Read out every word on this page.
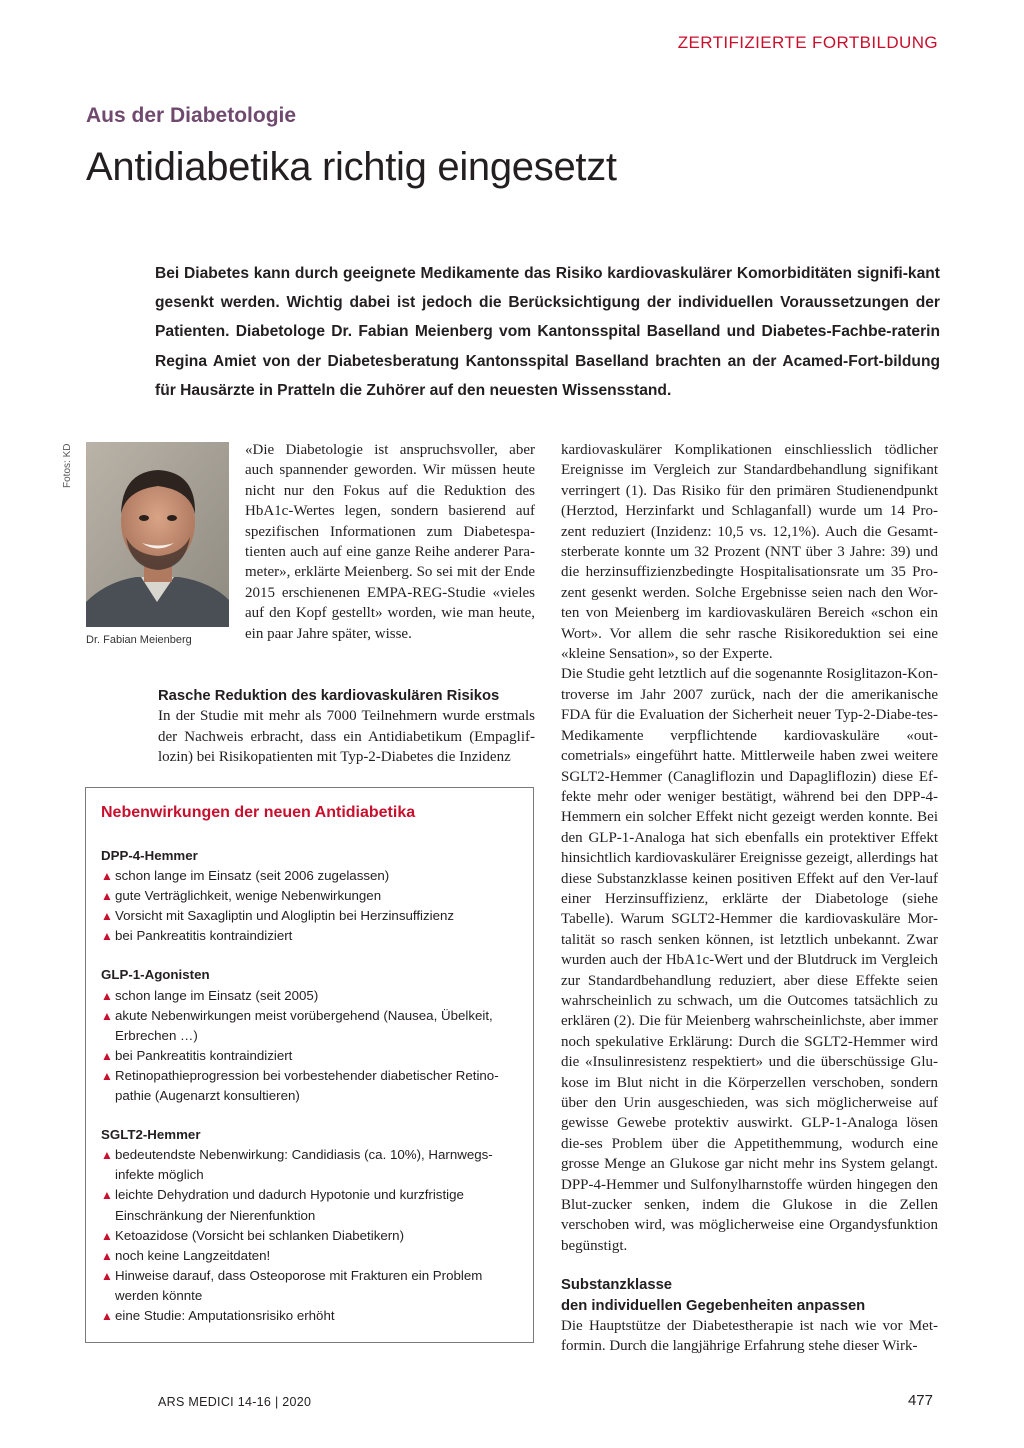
ZERTIFIZIERTE FORTBILDUNG
Aus der Diabetologie
Antidiabetika richtig eingesetzt
Bei Diabetes kann durch geeignete Medikamente das Risiko kardiovaskulärer Komorbiditäten signifi-kant gesenkt werden. Wichtig dabei ist jedoch die Berücksichtigung der individuellen Voraussetzungen der Patienten. Diabetologe Dr. Fabian Meienberg vom Kantonsspital Baselland und Diabetes-Fachbe-raterin Regina Amiet von der Diabetesberatung Kantonsspital Baselland brachten an der Acamed-Fort-bildung für Hausärzte in Pratteln die Zuhörer auf den neuesten Wissensstand.
Fotos: KD
Dr. Fabian Meienberg

«Die Diabetologie ist anspruchsvoller, aber auch spannender geworden. Wir müssen heute nicht nur den Fokus auf die Reduktion des HbA1c-Wertes legen, sondern basierend auf spezifischen Informationen zum Diabetespa-tienten auch auf eine ganze Reihe anderer Para-meter», erklärte Meienberg. So sei mit der Ende 2015 erschienenen EMPA-REG-Studie «vieles auf den Kopf gestellt» worden, wie man heute, ein paar Jahre später, wisse.

Rasche Reduktion des kardiovaskulären Risikos

In der Studie mit mehr als 7000 Teilnehmern wurde erstmals der Nachweis erbracht, dass ein Antidiabetikum (Empaglif-lozin) bei Risikopatienten mit Typ-2-Diabetes die Inzidenz

kardiovaskulärer Komplikationen einschliesslich tödlicher Ereignisse im Vergleich zur Standardbehandlung signifikant verringert (1). Das Risiko für den primären Studienendpunkt (Herztod, Herzinfarkt und Schlaganfall) wurde um 14 Pro-zent reduziert (Inzidenz: 10,5 vs. 12,1%). Auch die Gesamt-sterberate konnte um 32 Prozent (NNT über 3 Jahre: 39) und die herzinsuffizienzbedingte Hospitalisationsrate um 35 Pro-zent gesenkt werden. Solche Ergebnisse seien nach den Wor-ten von Meienberg im kardiovaskulären Bereich «schon ein Wort». Vor allem die sehr rasche Risikoreduktion sei eine «kleine Sensation», so der Experte.

Die Studie geht letztlich auf die sogenannte Rosiglitazon-Kon-troverse im Jahr 2007 zurück, nach der die amerikanische FDA für die Evaluation der Sicherheit neuer Typ-2-Diabe-tes-Medikamente verpflichtende kardiovaskuläre «out-cometrials» eingeführt hatte. Mittlerweile haben zwei weitere SGLT2-Hemmer (Canagliflozin und Dapagliflozin) diese Ef-fekte mehr oder weniger bestätigt, während bei den DPP-4-Hemmern ein solcher Effekt nicht gezeigt werden konnte. Bei den GLP-1-Analoga hat sich ebenfalls ein protektiver Effekt hinsichtlich kardiovaskulärer Ereignisse gezeigt, allerdings hat diese Substanzklasse keinen positiven Effekt auf den Ver-lauf einer Herzinsuffizienz, erklärte der Diabetologe (siehe Tabelle). Warum SGLT2-Hemmer die kardiovaskuläre Mor-talität so rasch senken können, ist letztlich unbekannt. Zwar wurden auch der HbA1c-Wert und der Blutdruck im Vergleich zur Standardbehandlung reduziert, aber diese Effekte seien wahrscheinlich zu schwach, um die Outcomes tatsächlich zu erklären (2). Die für Meienberg wahrscheinlichste, aber immer noch spekulative Erklärung: Durch die SGLT2-Hemmer wird die «Insulinresistenz respektiert» und die überschüssige Glu-kose im Blut nicht in die Körperzellen verschoben, sondern über den Urin ausgeschieden, was sich möglicherweise auf gewisse Gewebe protektiv auswirkt. GLP-1-Analoga lösen die-ses Problem über die Appetithemmung, wodurch eine grosse Menge an Glukose gar nicht mehr ins System gelangt. DPP-4-Hemmer und Sulfonylharnstoffe würden hingegen den Blut-zucker senken, indem die Glukose in die Zellen verschoben wird, was möglicherweise eine Organdysfunktion begünstigt.

Substanzklasse
den individuellen Gegebenheiten anpassen

Die Hauptstütze der Diabetestherapie ist nach wie vor Met-formin. Durch die langjährige Erfahrung stehe dieser Wirk-

Nebenwirkungen der neuen Antidiabetika
DPP-4-Hemmer
▲ schon lange im Einsatz (seit 2006 zugelassen)
▲ gute Verträglichkeit, wenige Nebenwirkungen
▲ Vorsicht mit Saxagliptin und Alogliptin bei Herzinsuffizienz
▲ bei Pankreatitis kontraindiziert
GLP-1-Agonisten
▲ schon lange im Einsatz (seit 2005)
▲ akute Nebenwirkungen meist vorübergehend (Nausea, Übelkeit, Erbrechen …)
▲ bei Pankreatitis kontraindiziert
▲ Retinopathieprogression bei vorbestehender diabetischer Retino-pathie (Augenarzt konsultieren)
SGLT2-Hemmer
▲ bedeutendste Nebenwirkung: Candidiasis (ca. 10%), Harnwegs-infekte möglich
▲ leichte Dehydration und dadurch Hypotonie und kurzfristige Einschränkung der Nierenfunktion
▲ Ketoazidose (Vorsicht bei schlanken Diabetikern)
▲ noch keine Langzeitdaten!
▲ Hinweise darauf, dass Osteoporose mit Frakturen ein Problem werden könnte
▲ eine Studie: Amputationsrisiko erhöht
ARS MEDICI 14-16 | 2020	477
